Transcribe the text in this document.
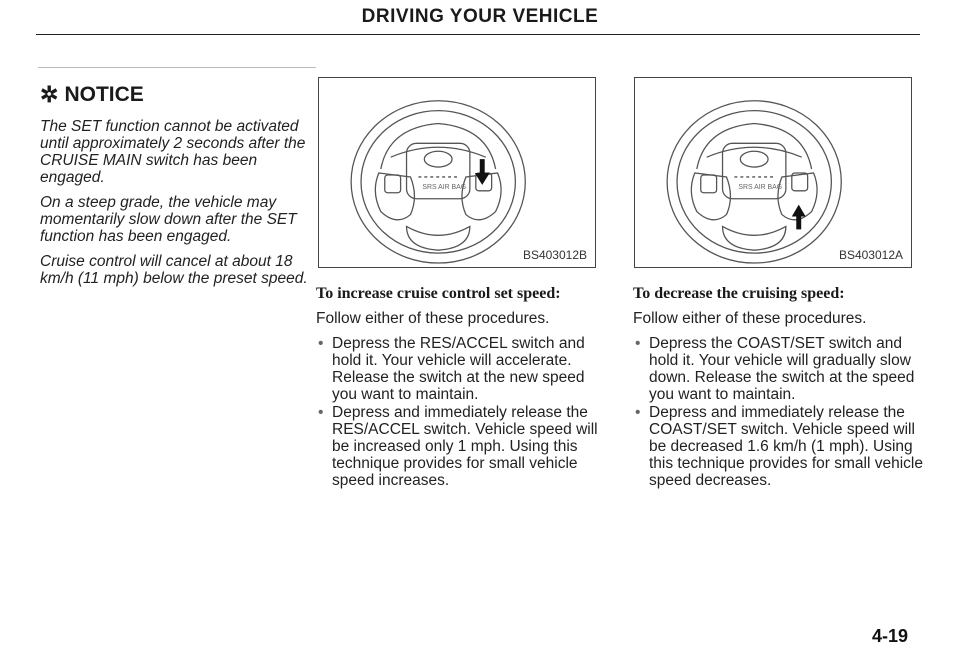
DRIVING YOUR VEHICLE
✲ NOTICE

The SET function cannot be activated until approximately 2 seconds after the CRUISE MAIN switch has been engaged.

On a steep grade, the vehicle may momentarily slow down after the SET function has been engaged.

Cruise control will cancel at about 18 km/h (11 mph) below the preset speed.

SRS AIR BAG
BS403012B
SRS AIR BAG
BS403012A
To increase cruise control set speed:
Follow either of these procedures.
• Depress the RES/ACCEL switch and hold it. Your vehicle will accelerate. Release the switch at the new speed you want to maintain.
• Depress and immediately release the RES/ACCEL switch. Vehicle speed will be increased only 1 mph. Using this technique provides for small vehicle speed increases.
To decrease the cruising speed:
Follow either of these procedures.
• Depress the COAST/SET switch and hold it. Your vehicle will gradually slow down. Release the switch at the speed you want to maintain.
• Depress and immediately release the COAST/SET switch. Vehicle speed will be decreased 1.6 km/h (1 mph). Using this technique provides for small vehicle speed decreases.
4-19
